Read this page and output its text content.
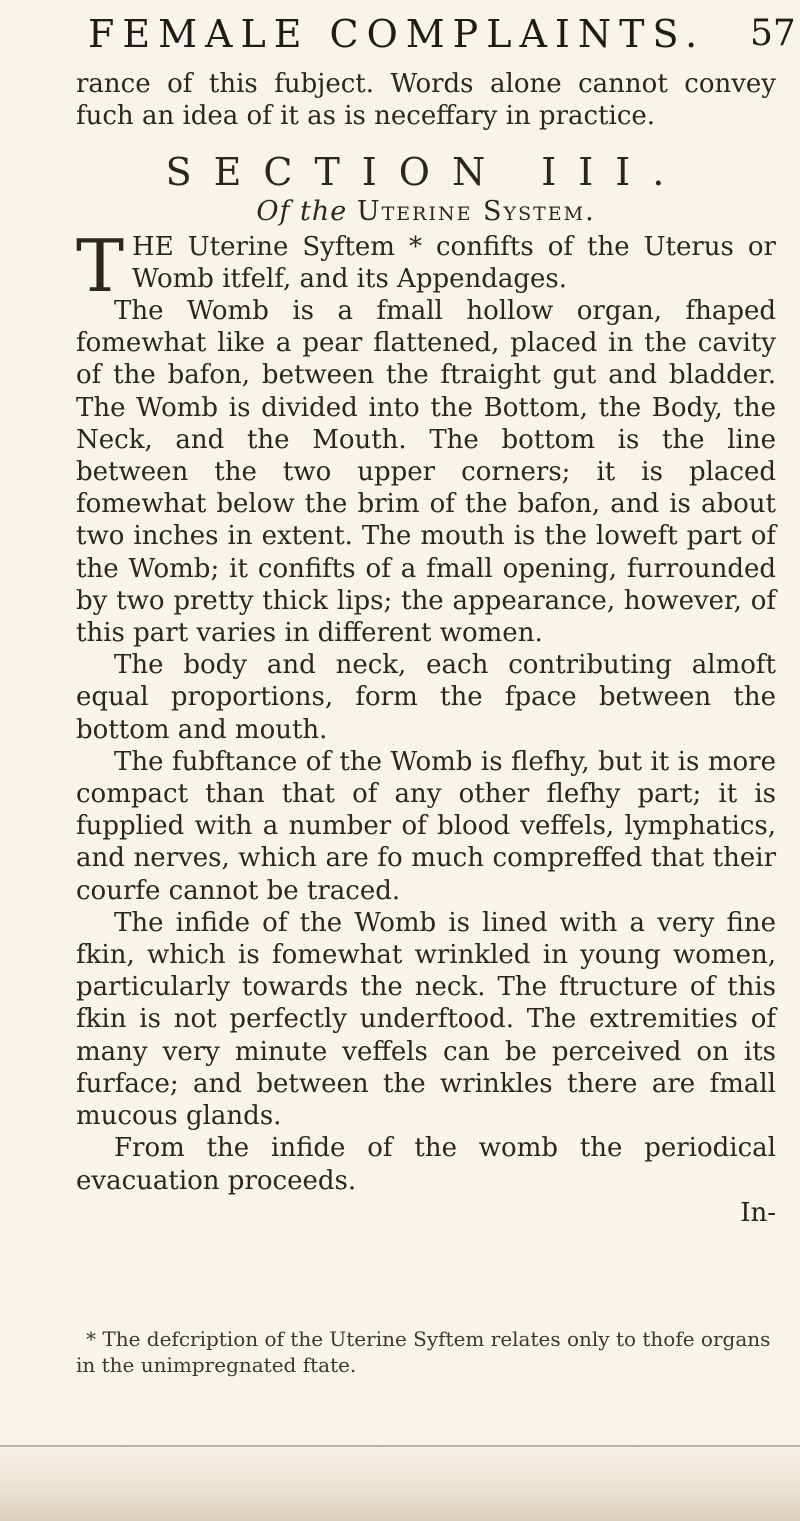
FEMALE COMPLAINTS. 57

rance of this fubject. Words alone cannot convey fuch an idea of it as is neceffary in practice.

SECTION III.
Of the Uterine System.

THE Uterine Syftem * confifts of the Uterus or Womb itfelf, and its Appendages.

The Womb is a fmall hollow organ, fhaped fomewhat like a pear flattened, placed in the cavity of the bafon, between the ftraight gut and bladder. The Womb is divided into the Bottom, the Body, the Neck, and the Mouth. The bottom is the line between the two upper corners; it is placed fomewhat below the brim of the bafon, and is about two inches in extent. The mouth is the loweft part of the Womb; it confifts of a fmall opening, furrounded by two pretty thick lips; the appearance, however, of this part varies in different women.

The body and neck, each contributing almoft equal proportions, form the fpace between the bottom and mouth.

The fubftance of the Womb is flefhy, but it is more compact than that of any other flefhy part; it is fupplied with a number of blood veffels, lymphatics, and nerves, which are fo much compreffed that their courfe cannot be traced.

The infide of the Womb is lined with a very fine fkin, which is fomewhat wrinkled in young women, particularly towards the neck. The ftructure of this fkin is not perfectly underftood. The extremities of many very minute veffels can be perceived on its furface; and between the wrinkles there are fmall mucous glands.

From the infide of the womb the periodical evacuation proceeds.

In-

* The defcription of the Uterine Syftem relates only to thofe organs in the unimpregnated ftate.
